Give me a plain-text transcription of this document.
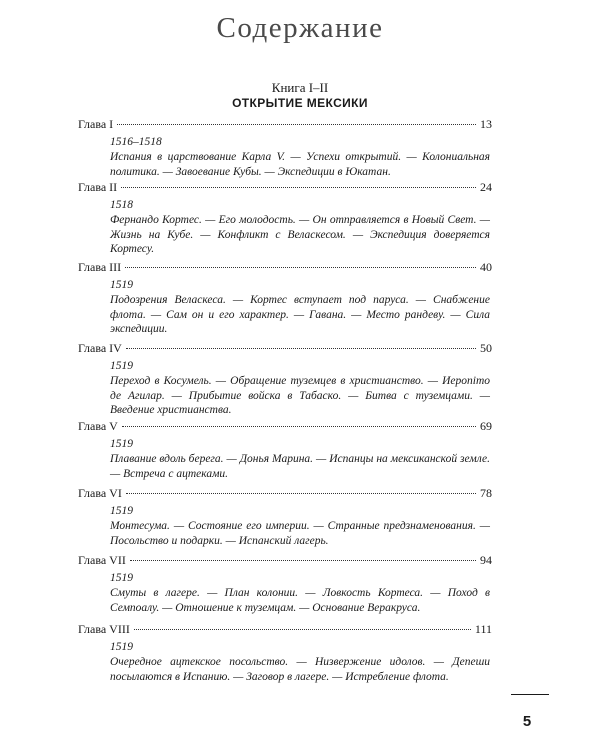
Содержание
Книга I–II
ОТКРЫТИЕ МЕКСИКИ
Глава I	13
1516–1518
Испания в царствование Карла V. — Успехи открытий. — Колониальная политика. — Завоевание Кубы. — Экспедиции в Юкатан.
Глава II	24
1518
Фернандо Кортес. — Его молодость. — Он отправляется в Новый Свет. — Жизнь на Кубе. — Конфликт с Веласкесом. — Экспедиция доверяется Кортесу.
Глава III	40
1519
Подозрения Веласкеса. — Кортес вступает под паруса. — Снабжение флота. — Сам он и его характер. — Гавана. — Место рандеву. — Сила экспедиции.
Глава IV	50
1519
Переход в Косумель. — Обращение туземцев в христианство. — Иерonimo де Агилар. — Прибытие войска в Табаско. — Битва с туземцами. — Введение христианства.
Глава V	69
1519
Плавание вдоль берега. — Донья Марина. — Испанцы на мексиканской земле. — Встреча с ацтеками.
Глава VI	78
1519
Монтесума. — Состояние его империи. — Странные предзнаменования. — Посольство и подарки. — Испанский лагерь.
Глава VII	94
1519
Смуты в лагере. — План колонии. — Ловкость Кортеса. — Поход в Семпоалу. — Отношение к туземцам. — Основание Веракруса.
Глава VIII	111
1519
Очередное ацтекское посольство. — Низвержение идолов. — Депеши посылаются в Испанию. — Заговор в лагере. — Истребление флота.
5
